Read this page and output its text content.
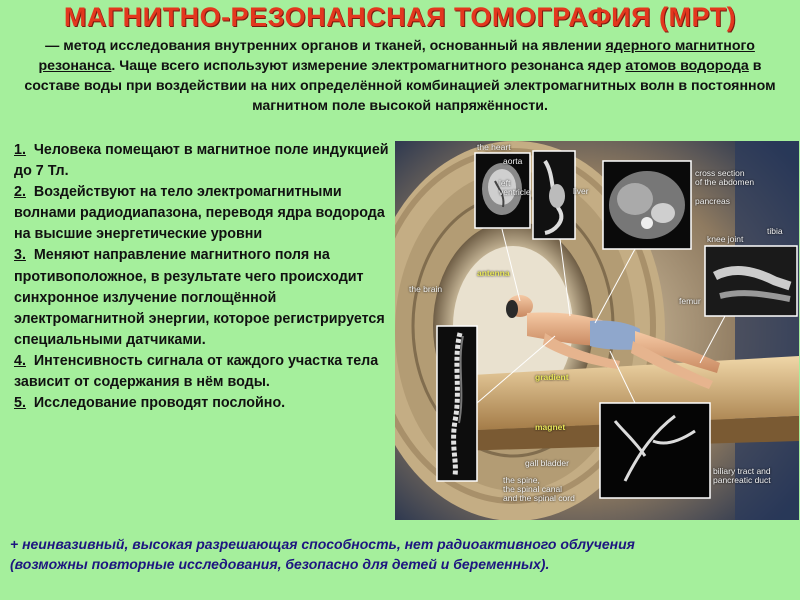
МАГНИТНО-РЕЗОНАНСНАЯ ТОМОГРАФИЯ (МРТ)
— метод исследования внутренних органов и тканей, основанный на явлении ядерного магнитного резонанса. Чаще всего используют измерение электромагнитного резонанса ядер атомов водорода в составе воды при воздействии на них определённой комбинацией электромагнитных волн в постоянном магнитном поле высокой напряжённости.

1. Человека помещают в магнитное поле индукцией до 7 Тл.

2. Воздействуют на тело электромагнитными волнами радиодиапазона, переводя ядра водорода на высшие энергетические уровни

3. Меняют направление магнитного поля на противоположное, в результате чего происходит синхронное излучение поглощённой электромагнитной энергии, которое регистрируется специальными датчиками.

4. Интенсивность сигнала от каждого участка тела зависит от содержания в нём воды.

5. Исследование проводят послойно.

the heart
aorta
left
ventricle	liver
cross section
of the abdomen
pancreas
knee joint
tibia
femur
the brain
antenna
gradient
magnet
gall bladder
biliary tract and
pancreatic duct
the spine,
the spinal canal
and the spinal cord
+ неинвазивный, высокая разрешающая способность, нет радиоактивного облучения
(возможны повторные исследования, безопасно для детей и беременных).
